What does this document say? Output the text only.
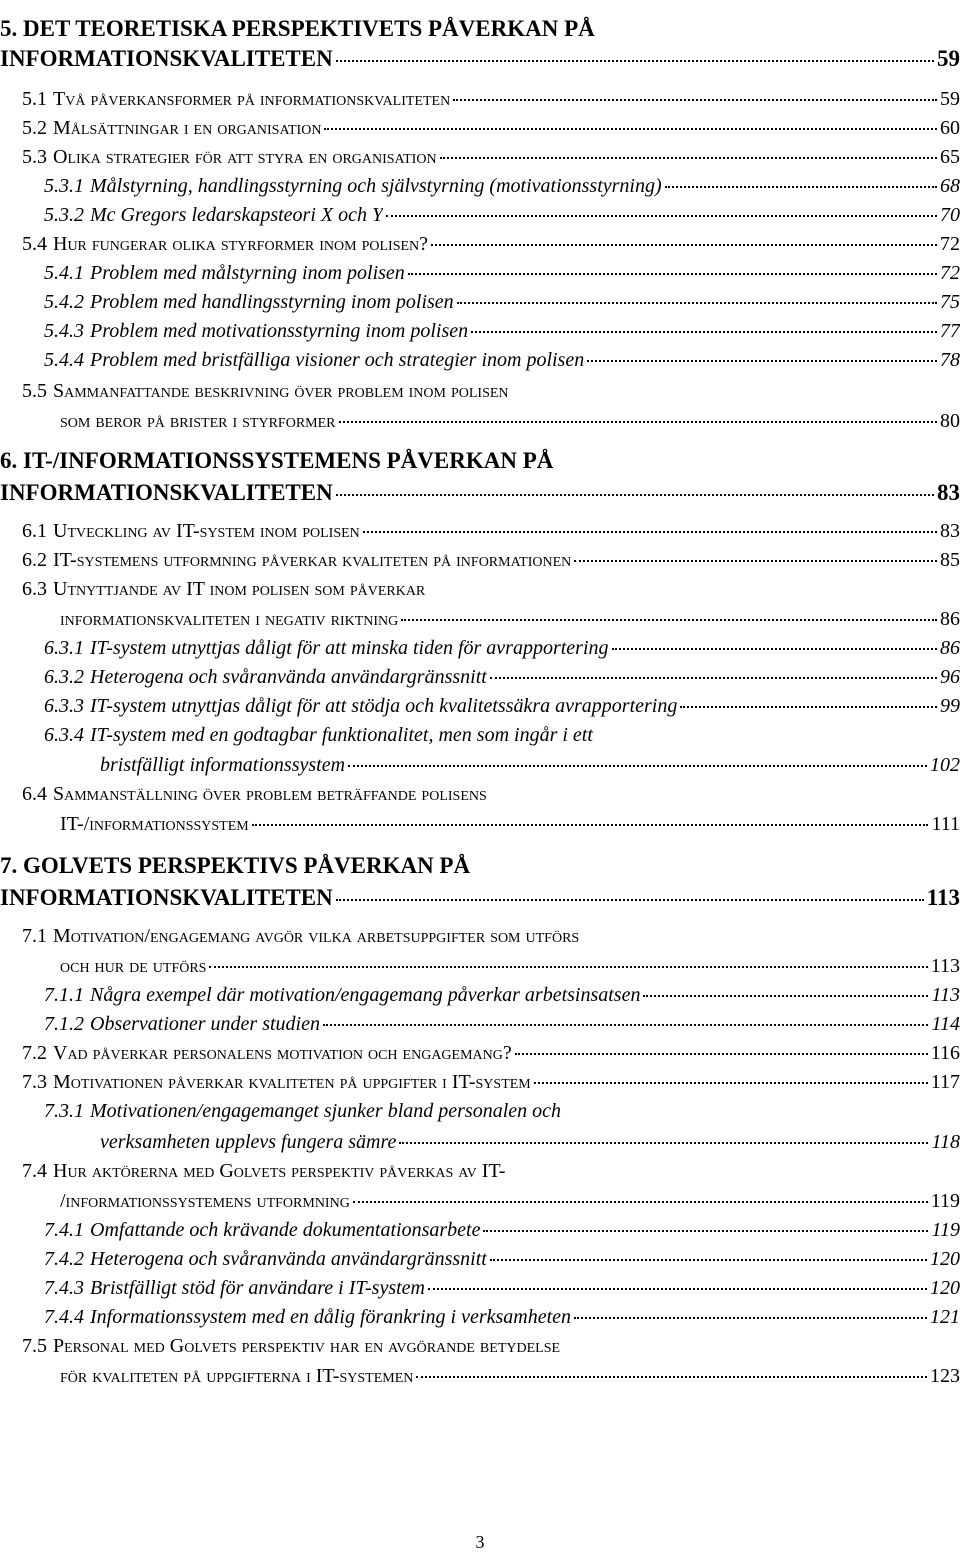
5. DET TEORETISKA PERSPEKTIVETS PÅVERKAN PÅ
INFORMATIONSKVALITETEN	59
5.1 Två påverkansformer på informationskvaliteten	59
5.2 Målsättningar i en organisation	60
5.3 Olika strategier för att styra en organisation	65
5.3.1 Målstyrning, handlingsstyrning och självstyrning (motivationsstyrning)	68
5.3.2 Mc Gregors ledarskapsteori X och Y	70
5.4 Hur fungerar olika styrformer inom polisen?	72
5.4.1 Problem med målstyrning inom polisen	72
5.4.2 Problem med handlingsstyrning inom polisen	75
5.4.3 Problem med motivationsstyrning inom polisen	77
5.4.4 Problem med bristfälliga visioner och strategier inom polisen	78
5.5 Sammanfattande beskrivning över problem inom polisen
som beror på brister i styrformer	80
6. IT-/INFORMATIONSSYSTEMENS PÅVERKAN PÅ
INFORMATIONSKVALITETEN	83
6.1 Utveckling av IT-system inom polisen	83
6.2 IT-systemens utformning påverkar kvaliteten på informationen	85
6.3 Utnyttjande av IT inom polisen som påverkar
informationskvaliteten i negativ riktning	86
6.3.1 IT-system utnyttjas dåligt för att minska tiden för avrapportering	86
6.3.2 Heterogena och svåranvända användargränssnitt	96
6.3.3 IT-system utnyttjas dåligt för att stödja och kvalitetssäkra avrapportering	99
6.3.4 IT-system med en godtagbar funktionalitet, men som ingår i ett
bristfälligt informationssystem	102
6.4 Sammanställning över problem beträffande polisens
IT-/informationssystem	111
7. GOLVETS PERSPEKTIVS PÅVERKAN PÅ
INFORMATIONSKVALITETEN	113
7.1 Motivation/engagemang avgör vilka arbetsuppgifter som utförs
och hur de utförs	113
7.1.1 Några exempel där motivation/engagemang påverkar arbetsinsatsen	113
7.1.2 Observationer under studien	114
7.2 Vad påverkar personalens motivation och engagemang?	116
7.3 Motivationen påverkar kvaliteten på uppgifter i IT-system	117
7.3.1 Motivationen/engagemanget sjunker bland personalen och
verksamheten upplevs fungera sämre	118
7.4 Hur aktörerna med Golvets perspektiv påverkas av IT-
/informationssystemens utformning	119
7.4.1 Omfattande och krävande dokumentationsarbete	119
7.4.2 Heterogena och svåranvända användargränssnitt	120
7.4.3 Bristfälligt stöd för användare i IT-system	120
7.4.4 Informationssystem med en dålig förankring i verksamheten	121
7.5 Personal med Golvets perspektiv har en avgörande betydelse
för kvaliteten på uppgifterna i IT-systemen	123
3
